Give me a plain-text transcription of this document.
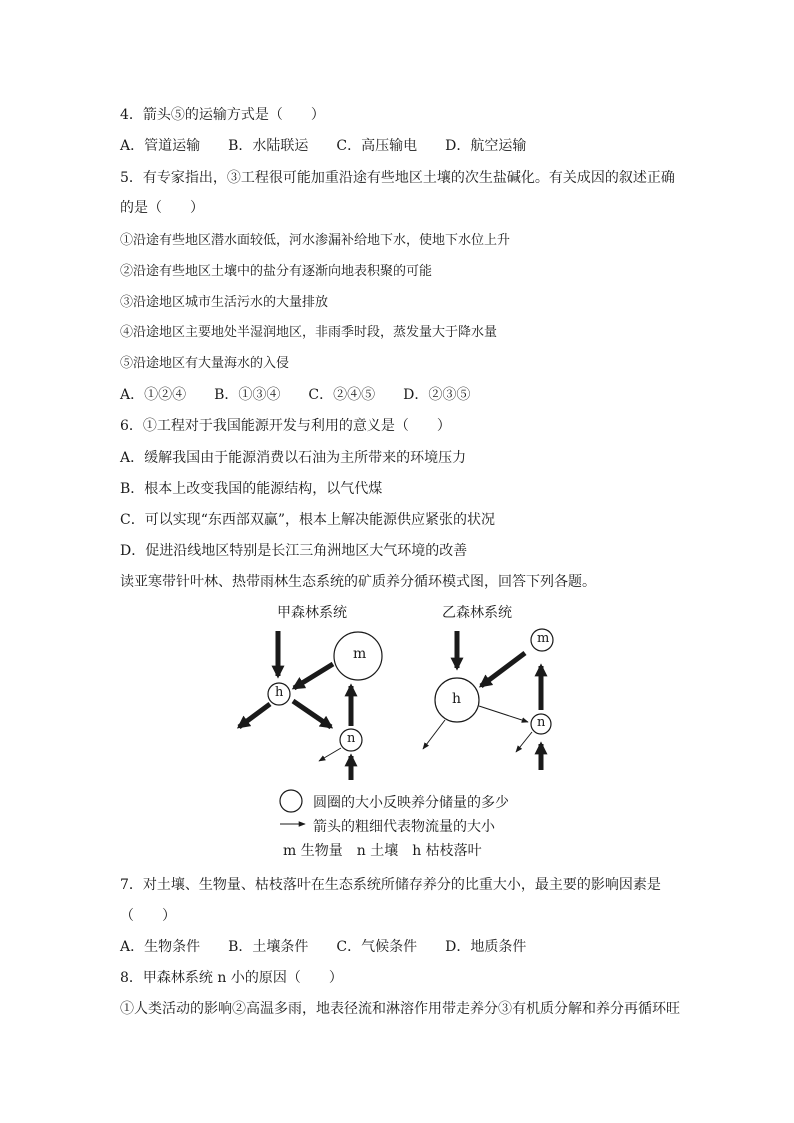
4．箭头⑤的运输方式是（　　）
A．管道运输　　B．水陆联运　　C．高压输电　　D．航空运输
5．有专家指出，③工程很可能加重沿途有些地区土壤的次生盐碱化。有关成因的叙述正确
的是（　　）
①沿途有些地区潜水面较低，河水渗漏补给地下水，使地下水位上升
②沿途有些地区土壤中的盐分有逐渐向地表积聚的可能
③沿途地区城市生活污水的大量排放
④沿途地区主要地处半湿润地区，非雨季时段，蒸发量大于降水量
⑤沿途地区有大量海水的入侵
A．①②④　　B．①③④　　C．②④⑤　　D．②③⑤
6．①工程对于我国能源开发与利用的意义是（　　）
A．缓解我国由于能源消费以石油为主所带来的环境压力
B．根本上改变我国的能源结构，以气代煤
C．可以实现“东西部双赢”，根本上解决能源供应紧张的状况
D．促进沿线地区特别是长江三角洲地区大气环境的改善
读亚寒带针叶林、热带雨林生态系统的矿质养分循环模式图，回答下列各题。
甲森林系统	乙森林系统
m
h
n
m
h
n
圆圈的大小反映养分储量的多少
箭头的粗细代表物流量的大小
m 生物量　n 土壤　h 枯枝落叶
7．对土壤、生物量、枯枝落叶在生态系统所储存养分的比重大小，最主要的影响因素是
（　　）
A．生物条件　　B．土壤条件　　C．气候条件　　D．地质条件
8．甲森林系统 n 小的原因（　　）
①人类活动的影响②高温多雨，地表径流和淋溶作用带走养分③有机质分解和养分再循环旺
